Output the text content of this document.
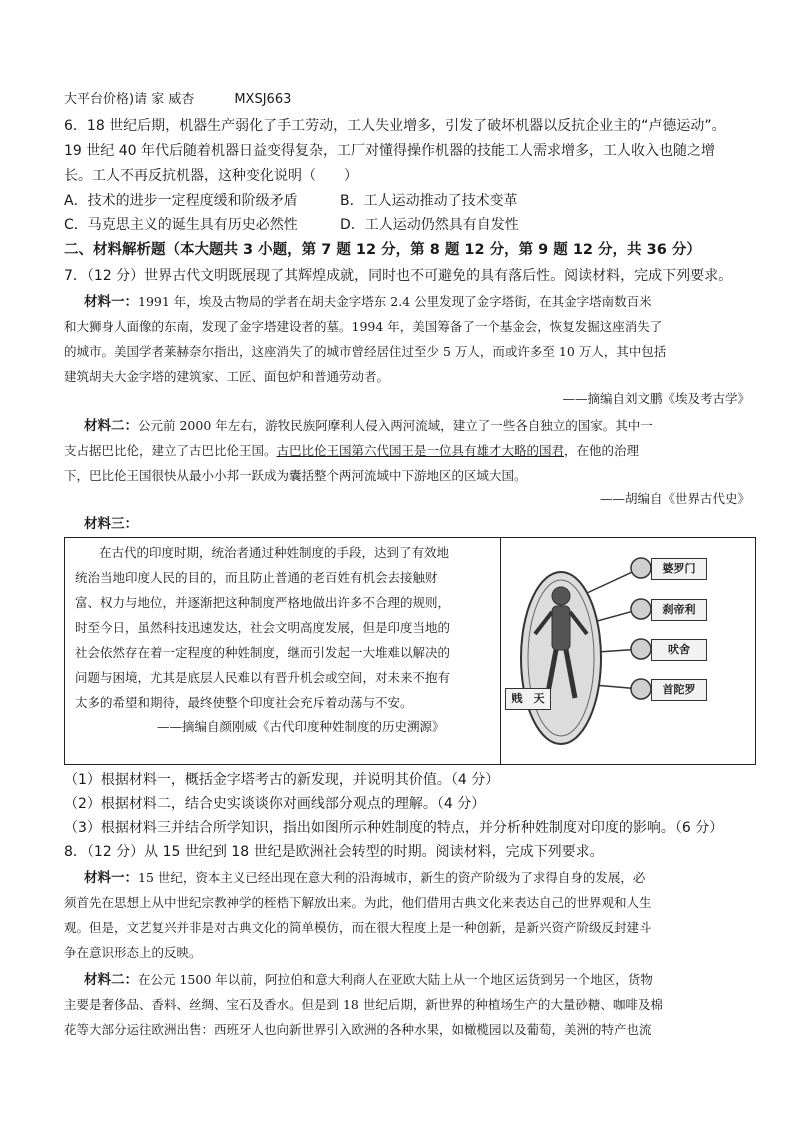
大平台价格)请 家 威杏	MXSJ663
6．18 世纪后期，机器生产弱化了手工劳动，工人失业增多，引发了破坏机器以反抗企业主的“卢德运动”。
19 世纪 40 年代后随着机器日益变得复杂，工厂对懂得操作机器的技能工人需求增多，工人收入也随之增
长。工人不再反抗机器，这种变化说明（　　）
A．技术的进步一定程度缓和阶级矛盾	B．工人运动推动了技术变革
C．马克思主义的诞生具有历史必然性	D．工人运动仍然具有自发性
二、材料解析题（本大题共 3 小题，第 7 题 12 分，第 8 题 12 分，第 9 题 12 分，共 36 分）
7．（12 分）世界古代文明既展现了其辉煌成就，同时也不可避免的具有落后性。阅读材料，完成下列要求。
材料一：1991 年，埃及古物局的学者在胡夫金字塔东 2.4 公里发现了金字塔街，在其金字塔南数百米
和大狮身人面像的东南，发现了金字塔建设者的墓。1994 年，美国筹备了一个基金会，恢复发掘这座消失了
的城市。美国学者莱赫奈尔指出，这座消失了的城市曾经居住过至少 5 万人，而或许多至 10 万人，其中包括
建筑胡夫大金字塔的建筑家、工匠、面包炉和普通劳动者。
——摘编自刘文鹏《埃及考古学》
材料二：公元前 2000 年左右，游牧民族阿摩利人侵入两河流域，建立了一些各自独立的国家。其中一
支占据巴比伦，建立了古巴比伦王国。古巴比伦王国第六代国王是一位具有雄才大略的国君，在他的治理
下，巴比伦王国很快从最小小邦一跃成为囊括整个两河流域中下游地区的区域大国。
——胡编自《世界古代史》
材料三：
在古代的印度时期，统治者通过种姓制度的手段，达到了有效地
统治当地印度人民的目的，而且防止普通的老百姓有机会去接触财
富、权力与地位，并逐渐把这种制度严格地做出许多不合理的规则，
时至今日，虽然科技迅速发达，社会文明高度发展，但是印度当地的
社会依然存在着一定程度的种姓制度，继而引发起一大堆难以解决的
问题与困境，尤其是底层人民难以有晋升机会或空间，对未来不抱有
太多的希望和期待，最终使整个印度社会充斥着动荡与不安。
——摘编自颜刚威《古代印度种姓制度的历史溯源》
婆罗门
刹帝利
吠舍
首陀罗
贱　天
（1）根据材料一，概括金字塔考古的新发现，并说明其价值。（4 分）
（2）根据材料二，结合史实谈谈你对画线部分观点的理解。（4 分）
（3）根据材料三并结合所学知识，指出如图所示种姓制度的特点，并分析种姓制度对印度的影响。（6 分）
8．（12 分）从 15 世纪到 18 世纪是欧洲社会转型的时期。阅读材料，完成下列要求。
材料一：15 世纪，资本主义已经出现在意大利的沿海城市，新生的资产阶级为了求得自身的发展，必
须首先在思想上从中世纪宗教神学的桎梏下解放出来。为此，他们借用古典文化来表达自己的世界观和人生
观。但是，文艺复兴并非是对古典文化的简单模仿，而在很大程度上是一种创新，是新兴资产阶级反封建斗
争在意识形态上的反映。
材料二：在公元 1500 年以前，阿拉伯和意大利商人在亚欧大陆上从一个地区运货到另一个地区，货物
主要是奢侈品、香料、丝绸、宝石及香水。但是到 18 世纪后期，新世界的种植场生产的大量砂糖、咖啡及棉
花等大部分运往欧洲出售：西班牙人也向新世界引入欧洲的各种水果，如橄榄园以及葡萄，美洲的特产也流
